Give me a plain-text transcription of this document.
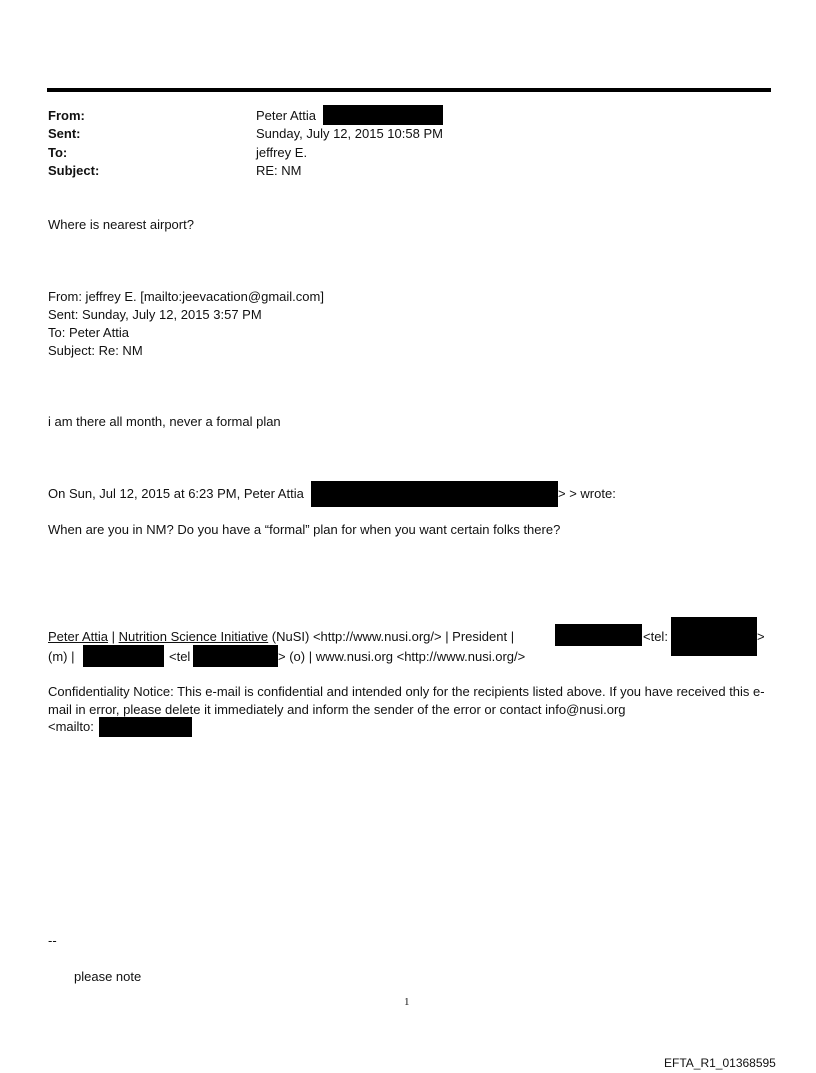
From:	Peter Attia
Sent:	Sunday, July 12, 2015 10:58 PM
To:	jeffrey E.
Subject:	RE: NM
Where is nearest airport?
From: jeffrey E. [mailto:jeevacation@gmail.com]
Sent: Sunday, July 12, 2015 3:57 PM
To: Peter Attia
Subject: Re: NM
i am there all month, never a formal plan
On Sun, Jul 12, 2015 at 6:23 PM, Peter Attia	> > wrote:
When are you in NM? Do you have a “formal” plan for when you want certain folks there?
Peter Attia | Nutrition Science Initiative (NuSI) <http://www.nusi.org/> | President |	<tel:	>
(m) |	<tel	> (o) | www.nusi.org <http://www.nusi.org/>
Confidentiality Notice: This e-mail is confidential and intended only for the recipients listed above. If you have received this e-mail in error, please delete it immediately and inform the sender of the error or contact info@nusi.org
<mailto:
--
please note
1
EFTA_R1_01368595
